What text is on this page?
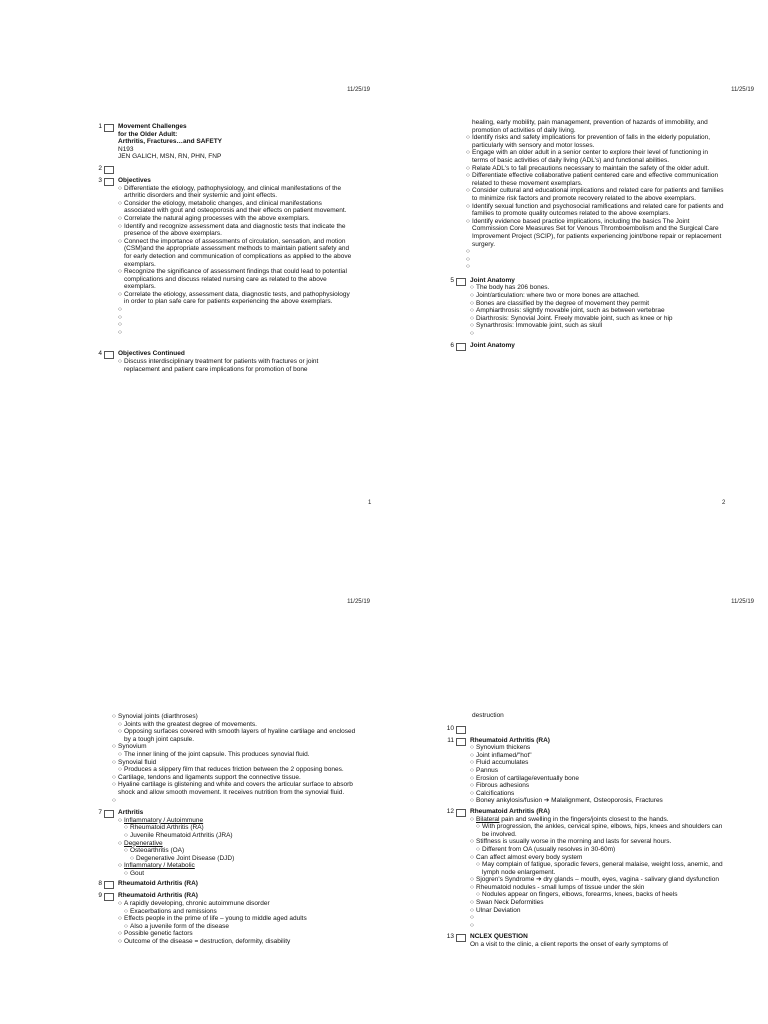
11/25/19
1
1	Movement Challenges
for the Older Adult:
Arthritis, Fractures…and SAFETY
N193
JEN GALICH, MSN, RN, PHN, FNP
2
3	Objectives
○ Differentiate the etiology, pathophysiology, and clinical manifestations of the arthritic disorders and their systemic and joint effects.
○ Consider the etiology, metabolic changes, and clinical manifestations associated with gout and osteoporosis and their effects on patient movement.
○ Correlate the natural aging processes with the above exemplars.
○ Identify and recognize assessment data and diagnostic tests that indicate the presence of the above exemplars.
○ Connect the importance of assessments of circulation, sensation, and motion (CSM)and the appropriate assessment methods to maintain patient safety and for early detection and communication of complications as applied to the above exemplars.
○ Recognize the significance of assessment findings that could lead to potential complications and discuss related nursing care as related to the above exemplars.
○ Correlate the etiology, assessment data, diagnostic tests, and pathophysiology in order to plan safe care for patients experiencing the above exemplars.
○
○
○
○
4	Objectives Continued
○ Discuss interdisciplinary treatment for patients with fractures or joint replacement and patient care implications for promotion of bone
11/25/19
2
healing, early mobility, pain management, prevention of hazards of immobility, and promotion of activities of daily living.
○ Identify risks and safety implications for prevention of falls in the elderly population, particularly with sensory and motor losses.
○ Engage with an older adult in a senior center to explore their level of functioning in terms of basic activities of daily living (ADL's) and functional abilities.
○ Relate ADL's to fall precautions necessary to maintain the safety of the older adult.
○ Differentiate effective collaborative patient centered care and effective communication related to these movement exemplars.
○ Consider cultural and educational implications and related care for patients and families to minimize risk factors and promote recovery related to the above exemplars.
○ Identify sexual function and psychosocial ramifications and related care for patients and families to promote quality outcomes related to the above exemplars.
○ Identify evidence based practice implications, including the basics The Joint Commission Core Measures Set for Venous Thromboembolism and the Surgical Care Improvement Project (SCIP), for patients experiencing joint/bone repair or replacement surgery.
○
○
○
5	Joint Anatomy
○ The body has 206 bones.
○ Joint/articulation: where two or more bones are attached.
○ Bones are classified by the degree of movement they permit
○ Amphiarthrosis: slightly movable joint, such as between vertebrae
○ Diarthrosis: Synovial Joint. Freely movable joint, such as knee or hip
○ Synarthrosis: Immovable joint, such as skull
○
6	Joint Anatomy
11/25/19
○ Synovial joints (diarthroses)
○ Joints with the greatest degree of movements.
○ Opposing surfaces covered with smooth layers of hyaline cartilage and enclosed by a tough joint capsule.
○ Synovium
○ The inner lining of the joint capsule. This produces synovial fluid.
○ Synovial fluid
○ Produces a slippery film that reduces friction between the 2 opposing bones.
○ Cartilage, tendons and ligaments support the connective tissue.
○ Hyaline cartilage is glistening and white and covers the articular surface to absorb shock and allow smooth movement. It receives nutrition from the synovial fluid.
○
7	Arthritis
○ Inflammatory / Autoimmune
○ Rheumatoid Arthritis (RA)
○ Juvenile Rheumatoid Arthritis (JRA)
○ Degenerative
○ Osteoarthritis (OA)
○ Degenerative Joint Disease (DJD)
○ Inflammatory / Metabolic
○ Gout
8	Rheumatoid Arthritis (RA)
9	Rheumatoid Arthritis (RA)
○ A rapidly developing, chronic autoimmune disorder
○ Exacerbations and remissions
○ Effects people in the prime of life – young to middle aged adults
○ Also a juvenile form of the disease
○ Possible genetic factors
○ Outcome of the disease = destruction, deformity, disability
11/25/19
destruction
10
11	Rheumatoid Arthritis (RA)
○ Synovium thickens
○ Joint inflamed/"hot"
○ Fluid accumulates
○ Pannus
○ Erosion of cartilage/eventually bone
○ Fibrous adhesions
○ Calcifications
○ Boney ankylosis/fusion ➔ Malalignment, Osteoporosis, Fractures
12	Rheumatoid Arthritis (RA)
○ Bilateral pain and swelling in the fingers/joints closest to the hands.
○ With progression, the ankles, cervical spine, elbows, hips, knees and shoulders can be involved.
○ Stiffness is usually worse in the morning and lasts for several hours.
○ Different from OA (usually resolves in 30-60m)
○ Can affect almost every body system
○ May complain of fatigue, sporadic fevers, general malaise, weight loss, anemic, and lymph node enlargement.
○ Sjogren's Syndrome ➔ dry glands – mouth, eyes, vagina - salivary gland dysfunction
○ Rheumatoid nodules - small lumps of tissue under the skin
○ Nodules appear on fingers, elbows, forearms, knees, backs of heels
○ Swan Neck Deformities
○ Ulnar Deviation
○
○
13	NCLEX QUESTION
On a visit to the clinic, a client reports the onset of early symptoms of
